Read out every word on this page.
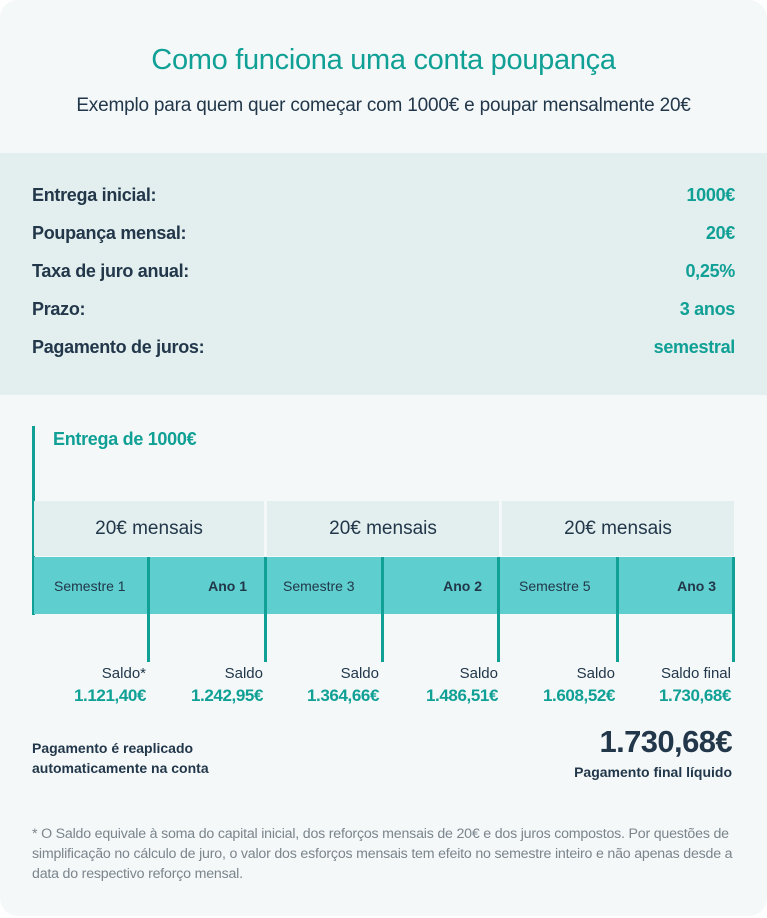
Como funciona uma conta poupança
Exemplo para quem quer começar com 1000€ e poupar mensalmente 20€
Entrega inicial:	1000€
Poupança mensal:	20€
Taxa de juro anual:	0,25%
Prazo:	3 anos
Pagamento de juros:	semestral
Entrega de 1000€
20€ mensais	20€ mensais	20€ mensais
Semestre 1	Ano 1	Semestre 3	Ano 2	Semestre 5	Ano 3
Saldo*
1.121,40€
Saldo
1.242,95€
Saldo
1.364,66€
Saldo
1.486,51€
Saldo
1.608,52€
Saldo final
1.730,68€
Pagamento é reaplicado
automaticamente na conta
1.730,68€
Pagamento final líquido

* O Saldo equivale à soma do capital inicial, dos reforços mensais de 20€ e dos juros compostos. Por questões de simplificação no cálculo de juro, o valor dos esforços mensais tem efeito no semestre inteiro e não apenas desde a data do respectivo reforço mensal.
